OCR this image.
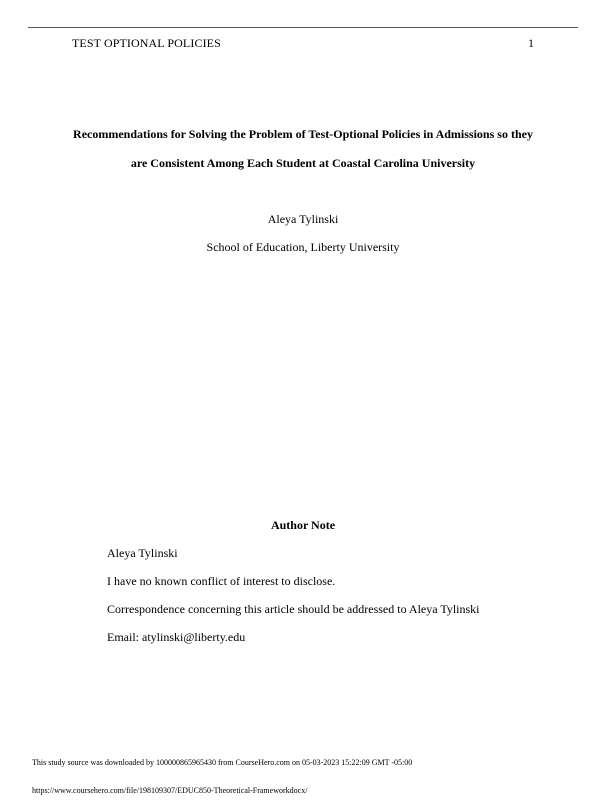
TEST OPTIONAL POLICIES	1
Recommendations for Solving the Problem of Test-Optional Policies in Admissions so they
are Consistent Among Each Student at Coastal Carolina University
Aleya Tylinski
School of Education, Liberty University
Author Note
Aleya Tylinski
I have no known conflict of interest to disclose.
Correspondence concerning this article should be addressed to Aleya Tylinski
Email: atylinski@liberty.edu
This study source was downloaded by 100000865965430 from CourseHero.com on 05-03-2023 15:22:09 GMT -05:00
https://www.coursehero.com/file/198109307/EDUC850-Theoretical-Frameworkdocx/
